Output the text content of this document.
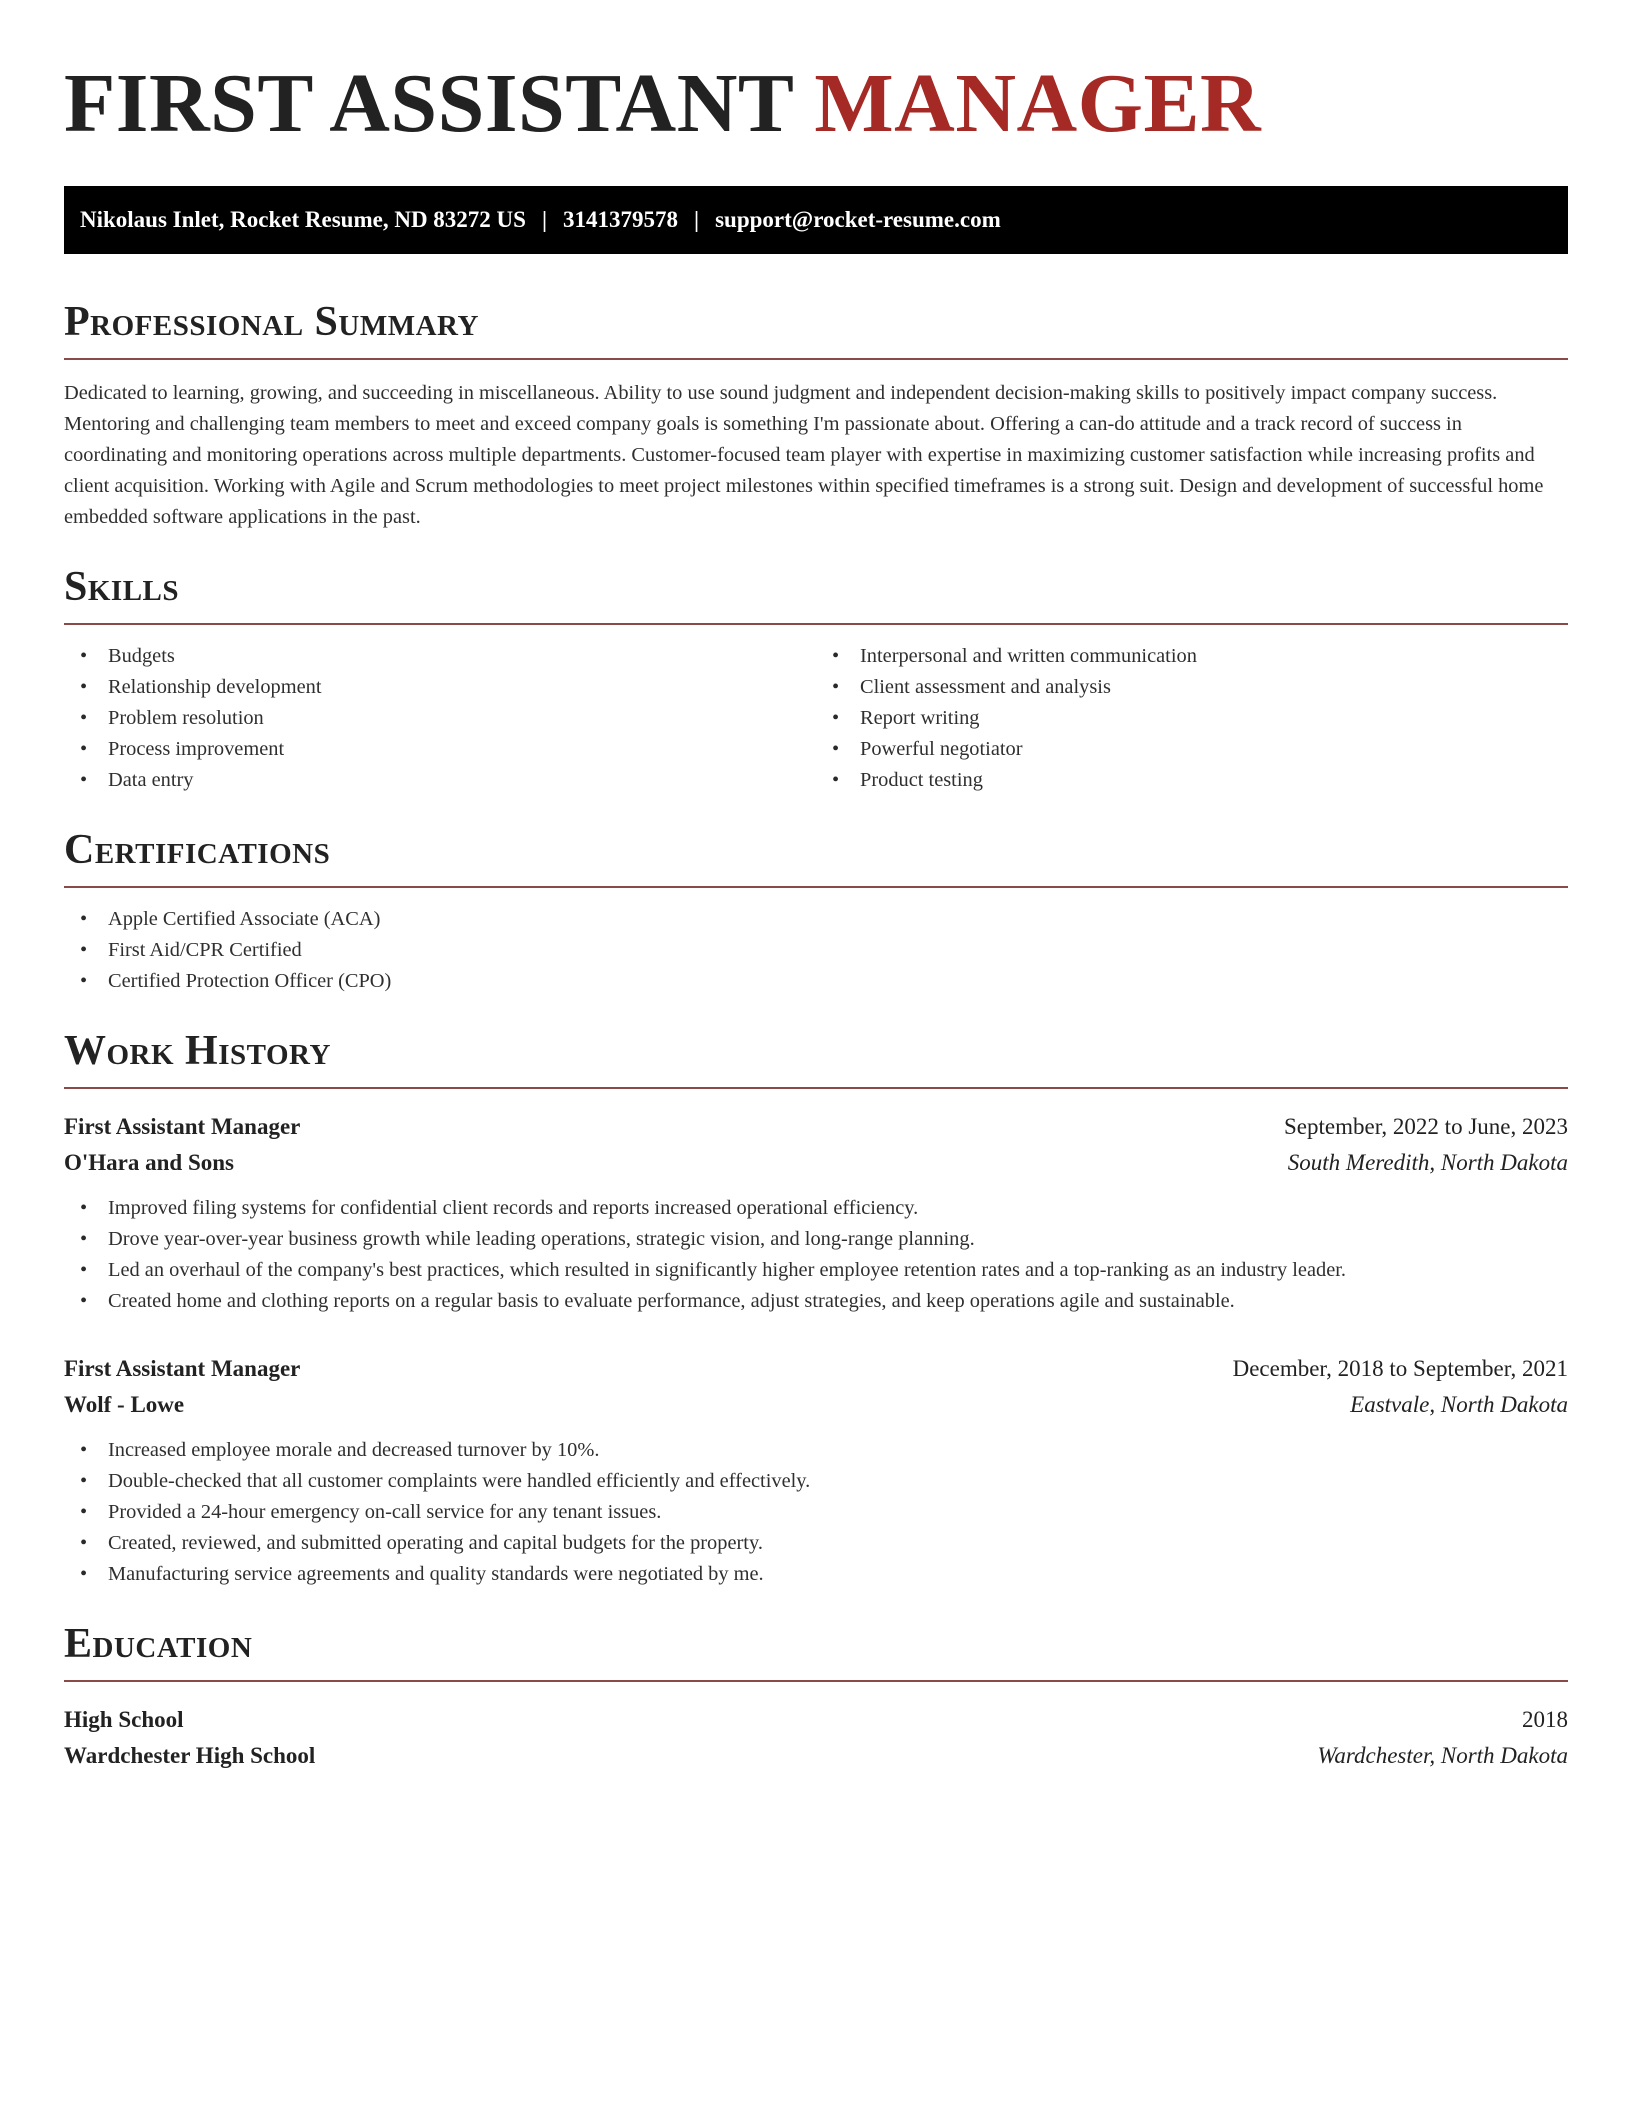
FIRST ASSISTANT MANAGER
Nikolaus Inlet, Rocket Resume, ND 83272 US | 3141379578 | support@rocket-resume.com
Professional Summary

Dedicated to learning, growing, and succeeding in miscellaneous. Ability to use sound judgment and independent decision-making skills to positively impact company success. Mentoring and challenging team members to meet and exceed company goals is something I'm passionate about. Offering a can-do attitude and a track record of success in coordinating and monitoring operations across multiple departments. Customer-focused team player with expertise in maximizing customer satisfaction while increasing profits and client acquisition. Working with Agile and Scrum methodologies to meet project milestones within specified timeframes is a strong suit. Design and development of successful home embedded software applications in the past.

Skills
• Budgets
• Relationship development
• Problem resolution
• Process improvement
• Data entry
• Interpersonal and written communication
• Client assessment and analysis
• Report writing
• Powerful negotiator
• Product testing
Certifications
• Apple Certified Associate (ACA)
• First Aid/CPR Certified
• Certified Protection Officer (CPO)
Work History
First Assistant Manager	September, 2022 to June, 2023
O'Hara and Sons	South Meredith, North Dakota
• Improved filing systems for confidential client records and reports increased operational efficiency.
• Drove year-over-year business growth while leading operations, strategic vision, and long-range planning.
• Led an overhaul of the company's best practices, which resulted in significantly higher employee retention rates and a top-ranking as an industry leader.
• Created home and clothing reports on a regular basis to evaluate performance, adjust strategies, and keep operations agile and sustainable.
First Assistant Manager	December, 2018 to September, 2021
Wolf - Lowe	Eastvale, North Dakota
• Increased employee morale and decreased turnover by 10%.
• Double-checked that all customer complaints were handled efficiently and effectively.
• Provided a 24-hour emergency on-call service for any tenant issues.
• Created, reviewed, and submitted operating and capital budgets for the property.
• Manufacturing service agreements and quality standards were negotiated by me.
Education
High School	2018
Wardchester High School	Wardchester, North Dakota
